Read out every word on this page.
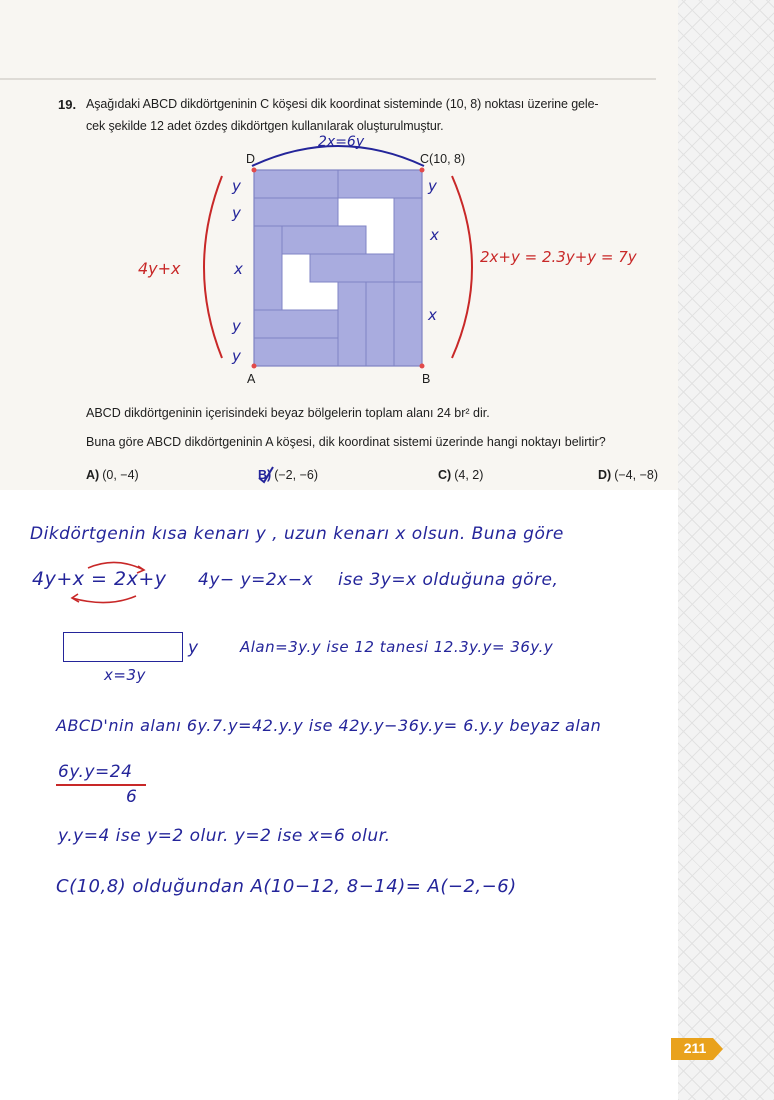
19. Aşağıdaki ABCD dikdörtgeninin C köşesi dik koordinat sisteminde (10, 8) noktası üzerine gele-
cek şekilde 12 adet özdeş dikdörtgen kullanılarak oluşturulmuştur.
D	C(10, 8)
A	B
2x=6y
4y+x
2x+y = 2.3y+y = 7y
y
y
x
y
y
y
x
x
ABCD dikdörtgeninin içerisindeki beyaz bölgelerin toplam alanı 24 br² dir.
Buna göre ABCD dikdörtgeninin A köşesi, dik koordinat sistemi üzerinde hangi noktayı belirtir?
A) (0, −4)	B) (−2, −6)	C) (4, 2)	D) (−4, −8)
Dikdörtgenin kısa kenarı y , uzun kenarı x olsun. Buna göre
4y+x = 2x+y 4y− y=2x−x ise 3y=x olduğuna göre,
y
x=3y
Alan=3y.y ise 12 tanesi 12.3y.y= 36y.y
ABCD'nin alanı 6y.7.y=42.y.y ise 42y.y−36y.y= 6.y.y beyaz alan
6y.y=24
6
y.y=4 ise y=2 olur. y=2 ise x=6 olur.
C(10,8) olduğundan A(10−12, 8−14)= A(−2,−6)
211
